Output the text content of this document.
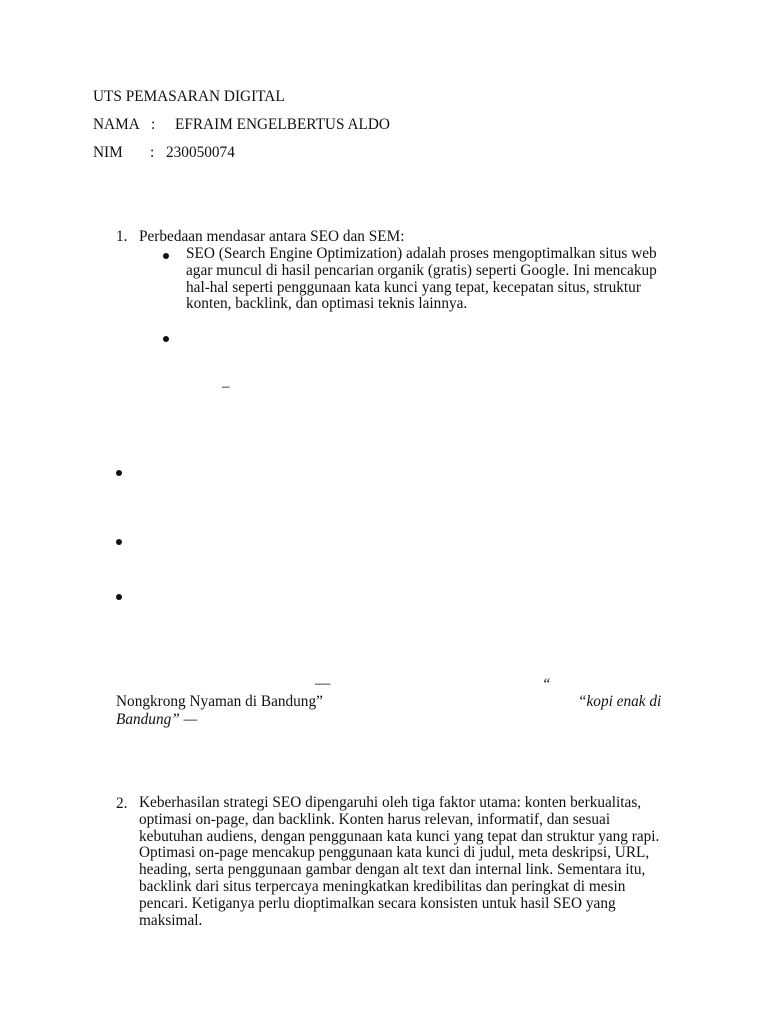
UTS PEMASARAN DIGITAL
NAMA : EFRAIM ENGELBERTUS ALDO
NIM : 230050074
1. Perbedaan mendasar antara SEO dan SEM:
SEO (Search Engine Optimization) adalah proses mengoptimalkan situs web
agar muncul di hasil pencarian organik (gratis) seperti Google. Ini mencakup
hal-hal seperti penggunaan kata kunci yang tepat, kecepatan situs, struktur
konten, backlink, dan optimasi teknis lainnya.
–
—	“
Nongkrong Nyaman di Bandung”	“kopi enak di
Bandung” —
2. Keberhasilan strategi SEO dipengaruhi oleh tiga faktor utama: konten berkualitas,
optimasi on-page, dan backlink. Konten harus relevan, informatif, dan sesuai
kebutuhan audiens, dengan penggunaan kata kunci yang tepat dan struktur yang rapi.
Optimasi on-page mencakup penggunaan kata kunci di judul, meta deskripsi, URL,
heading, serta penggunaan gambar dengan alt text dan internal link. Sementara itu,
backlink dari situs terpercaya meningkatkan kredibilitas dan peringkat di mesin
pencari. Ketiganya perlu dioptimalkan secara konsisten untuk hasil SEO yang
maksimal.
